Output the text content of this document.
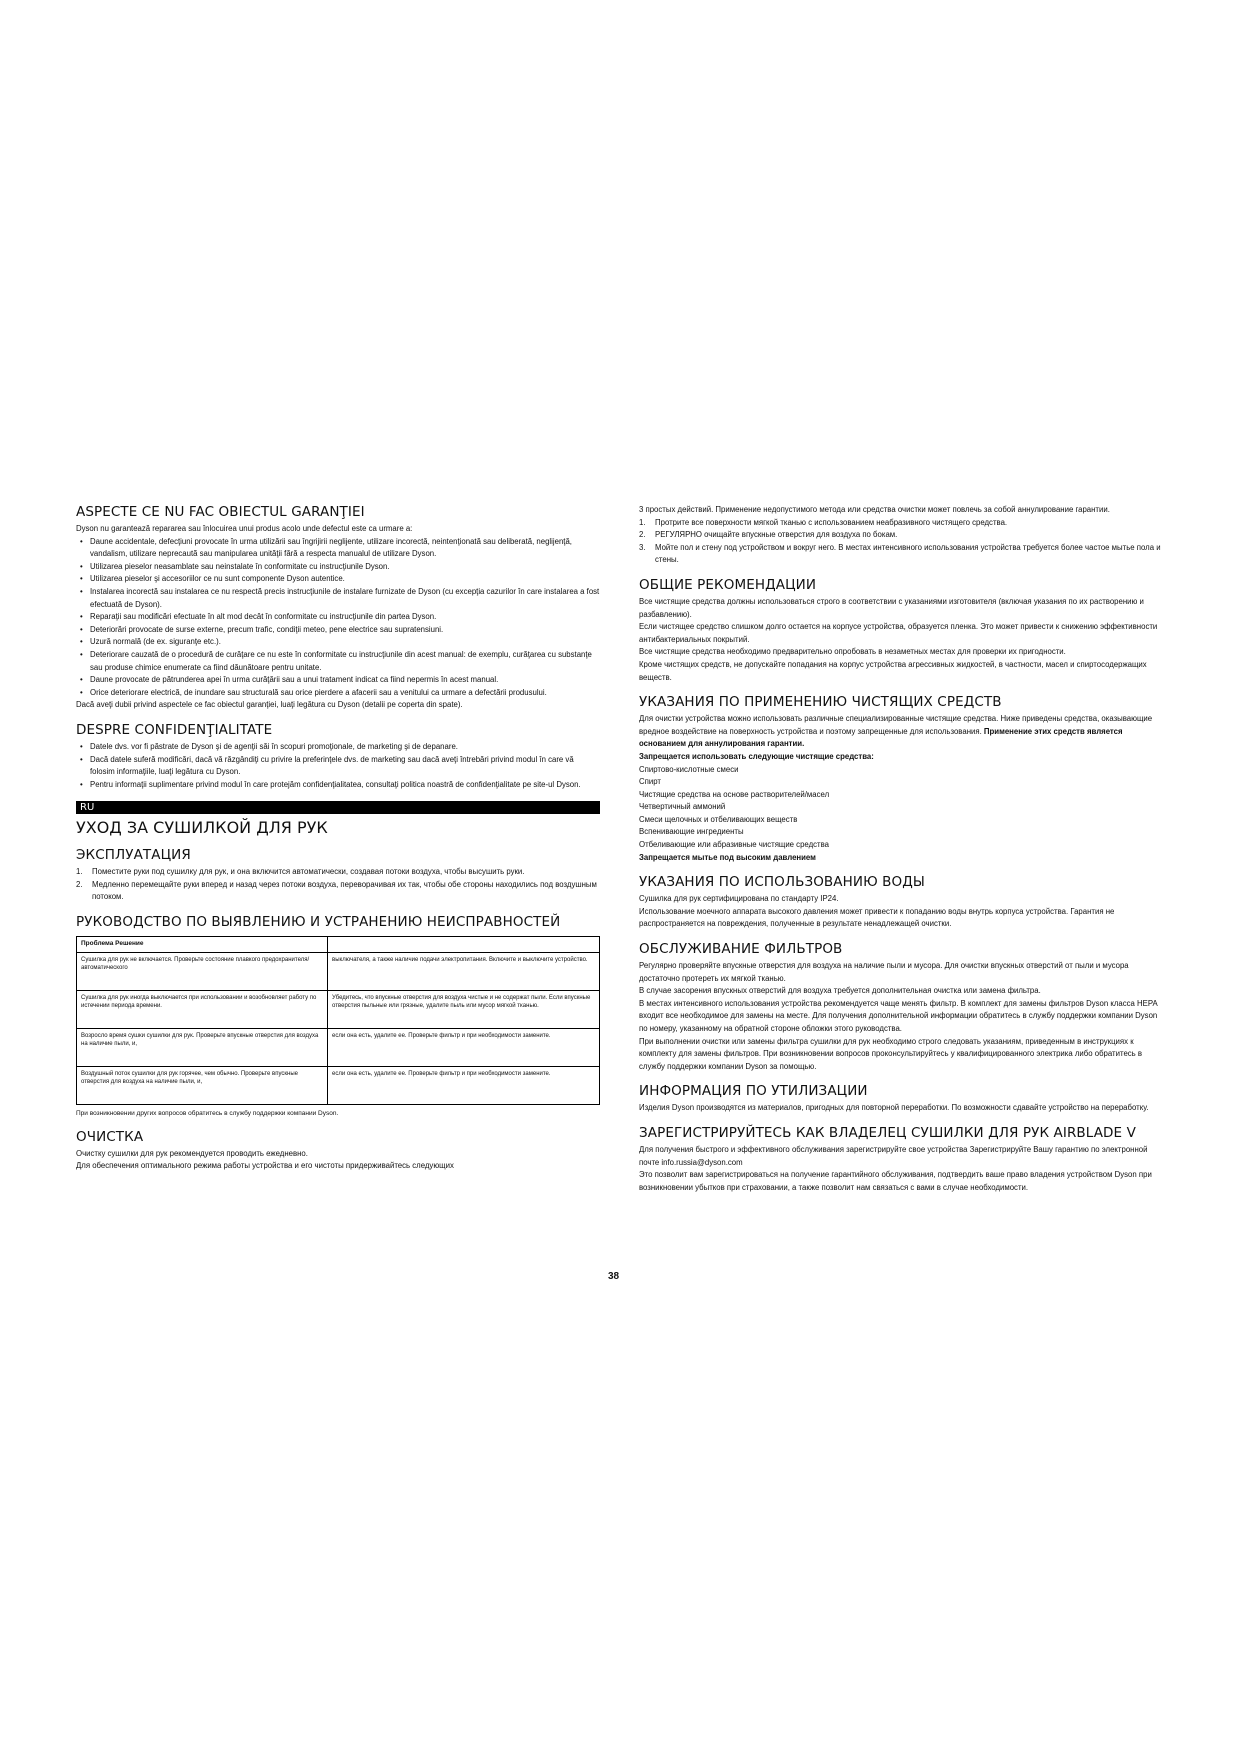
ASPECTE CE NU FAC OBIECTUL GARANŢIEI

Dyson nu garantează repararea sau înlocuirea unui produs acolo unde defectul este ca urmare a:

• Daune accidentale, defecţiuni provocate în urma utilizării sau îngrijirii neglijente, utilizare incorectă, neintenţionată sau deliberată, neglijenţă, vandalism, utilizare neprecautã sau manipularea unităţii fără a respecta manualul de utilizare Dyson.
• Utilizarea pieselor neasamblate sau neinstalate în conformitate cu instrucţiunile Dyson.
• Utilizarea pieselor şi accesoriilor ce nu sunt componente Dyson autentice.
• Instalarea incorectă sau instalarea ce nu respectă precis instrucţiunile de instalare furnizate de Dyson (cu excepţia cazurilor în care instalarea a fost efectuată de Dyson).
• Reparaţii sau modificări efectuate în alt mod decât în conformitate cu instrucţiunile din partea Dyson.
• Deteriorări provocate de surse externe, precum trafic, condiţii meteo, pene electrice sau supratensiuni.
• Uzură normală (de ex. siguranţe etc.).
• Deteriorare cauzată de o procedură de curăţare ce nu este în conformitate cu instrucţiunile din acest manual: de exemplu, curăţarea cu substanţe sau produse chimice enumerate ca fiind dăunătoare pentru unitate.
• Daune provocate de pătrunderea apei în urma curăţării sau a unui tratament indicat ca fiind nepermis în acest manual.
• Orice deteriorare electrică, de inundare sau structurală sau orice pierdere a afacerii sau a venitului ca urmare a defectării produsului.

Dacă aveţi dubii privind aspectele ce fac obiectul garanţiei, luaţi legătura cu Dyson (detalii pe coperta din spate).

DESPRE CONFIDENŢIALITATE
• Datele dvs. vor fi păstrate de Dyson şi de agenţii săi în scopuri promoţionale, de marketing şi de depanare.
• Dacă datele suferă modificări, dacă vă răzgândiţi cu privire la preferinţele dvs. de marketing sau dacă aveţi întrebări privind modul în care vă folosim informaţiile, luaţi legătura cu Dyson.
• Pentru informaţii suplimentare privind modul în care protejăm confidenţialitatea, consultaţi politica noastră de confidenţialitate pe site-ul Dyson.
RU
УХОД ЗА СУШИЛКОЙ ДЛЯ РУК
ЭКСПЛУАТАЦИЯ
1. Поместите руки под сушилку для рук, и она включится автоматически, создавая потоки воздуха, чтобы высушить руки.
2. Медленно перемещайте руки вперед и назад через потоки воздуха, переворачивая их так, чтобы обе стороны находились под воздушным потоком.
РУКОВОДСТВО ПО ВЫЯВЛЕНИЮ И УСТРАНЕНИЮ НЕИСПРАВНОСТЕЙ
Проблема Решение	
Сушилка для рук не включается. Проверьте состояние плавкого предохранителя/автоматического	выключателя, а также наличие подачи электропитания. Включите и выключите устройство.
Сушилка для рук иногда выключается при использовании и возобновляет работу по истечении периода времени.	Убедитесь, что впускные отверстия для воздуха чистые и не содержат пыли. Если впускные отверстия пыльные или грязные, удалите пыль или мусор мягкой тканью.
Возросло время сушки сушилки для рук. Проверьте впускные отверстия для воздуха на наличие пыли, и,	если она есть, удалите ее. Проверьте фильтр и при необходимости замените.
Воздушный поток сушилки для рук горячее, чем обычно. Проверьте впускные отверстия для воздуха на наличие пыли, и,	если она есть, удалите ее. Проверьте фильтр и при необходимости замените.

При возникновении других вопросов обратитесь в службу поддержки компании Dyson.

ОЧИСТКА

Очистку сушилки для рук рекомендуется проводить ежедневно.

Для обеспечения оптимального режима работы устройства и его чистоты придерживайтесь следующих

3 простых действий. Применение недопустимого метода или средства очистки может повлечь за собой аннулирование гарантии.

1. Протрите все поверхности мягкой тканью с использованием неабразивного чистящего средства.
2. РЕГУЛЯРНО очищайте впускные отверстия для воздуха по бокам.
3. Мойте пол и стену под устройством и вокруг него. В местах интенсивного использования устройства требуется более частое мытье пола и стены.
ОБЩИЕ РЕКОМЕНДАЦИИ

Все чистящие средства должны использоваться строго в соответствии с указаниями изготовителя (включая указания по их растворению и разбавлению).

Если чистящее средство слишком долго остается на корпусе устройства, образуется пленка. Это может привести к снижению эффективности антибактериальных покрытий.

Все чистящие средства необходимо предварительно опробовать в незаметных местах для проверки их пригодности.

Кроме чистящих средств, не допускайте попадания на корпус устройства агрессивных жидкостей, в частности, масел и спиртосодержащих веществ.

УКАЗАНИЯ ПО ПРИМЕНЕНИЮ ЧИСТЯЩИХ СРЕДСТВ

Для очистки устройства можно использовать различные специализированные чистящие средства. Ниже приведены средства, оказывающие вредное воздействие на поверхность устройства и поэтому запрещенные для использования. Применение этих средств является основанием для аннулирования гарантии.

Запрещается использовать следующие чистящие средства:

Спиртово-кислотные смеси

Спирт

Чистящие средства на основе растворителей/масел

Четвертичный аммоний

Смеси щелочных и отбеливающих веществ

Вспенивающие ингредиенты

Отбеливающие или абразивные чистящие средства

Запрещается мытье под высоким давлением

УКАЗАНИЯ ПО ИСПОЛЬЗОВАНИЮ ВОДЫ

Сушилка для рук сертифицирована по стандарту IP24.

Использование моечного аппарата высокого давления может привести к попаданию воды внутрь корпуса устройства. Гарантия не распространяется на повреждения, полученные в результате ненадлежащей очистки.

ОБСЛУЖИВАНИЕ ФИЛЬТРОВ

Регулярно проверяйте впускные отверстия для воздуха на наличие пыли и мусора. Для очистки впускных отверстий от пыли и мусора достаточно протереть их мягкой тканью.

В случае засорения впускных отверстий для воздуха требуется дополнительная очистка или замена фильтра.

В местах интенсивного использования устройства рекомендуется чаще менять фильтр. В комплект для замены фильтров Dyson класса HEPA входит все необходимое для замены на месте. Для получения дополнительной информации обратитесь в службу поддержки компании Dyson по номеру, указанному на обратной стороне обложки этого руководства.

При выполнении очистки или замены фильтра сушилки для рук необходимо строго следовать указаниям, приведенным в инструкциях к комплекту для замены фильтров. При возникновении вопросов проконсультируйтесь у квалифицированного электрика либо обратитесь в службу поддержки компании Dyson за помощью.

ИНФОРМАЦИЯ ПО УТИЛИЗАЦИИ

Изделия Dyson производятся из материалов, пригодных для повторной переработки. По возможности сдавайте устройство на переработку.

ЗАРЕГИСТРИРУЙТЕСЬ КАК ВЛАДЕЛЕЦ СУШИЛКИ ДЛЯ РУК AIRBLADE V

Для получения быстрого и эффективного обслуживания зарегистрируйте свое устройства Зарегистрируйте Вашу гарантию по электронной почте info.russia@dyson.com

Это позволит вам зарегистрироваться на получение гарантийного обслуживания, подтвердить ваше право владения устройством Dyson при возникновении убытков при страховании, а также позволит нам связаться с вами в случае необходимости.

38
